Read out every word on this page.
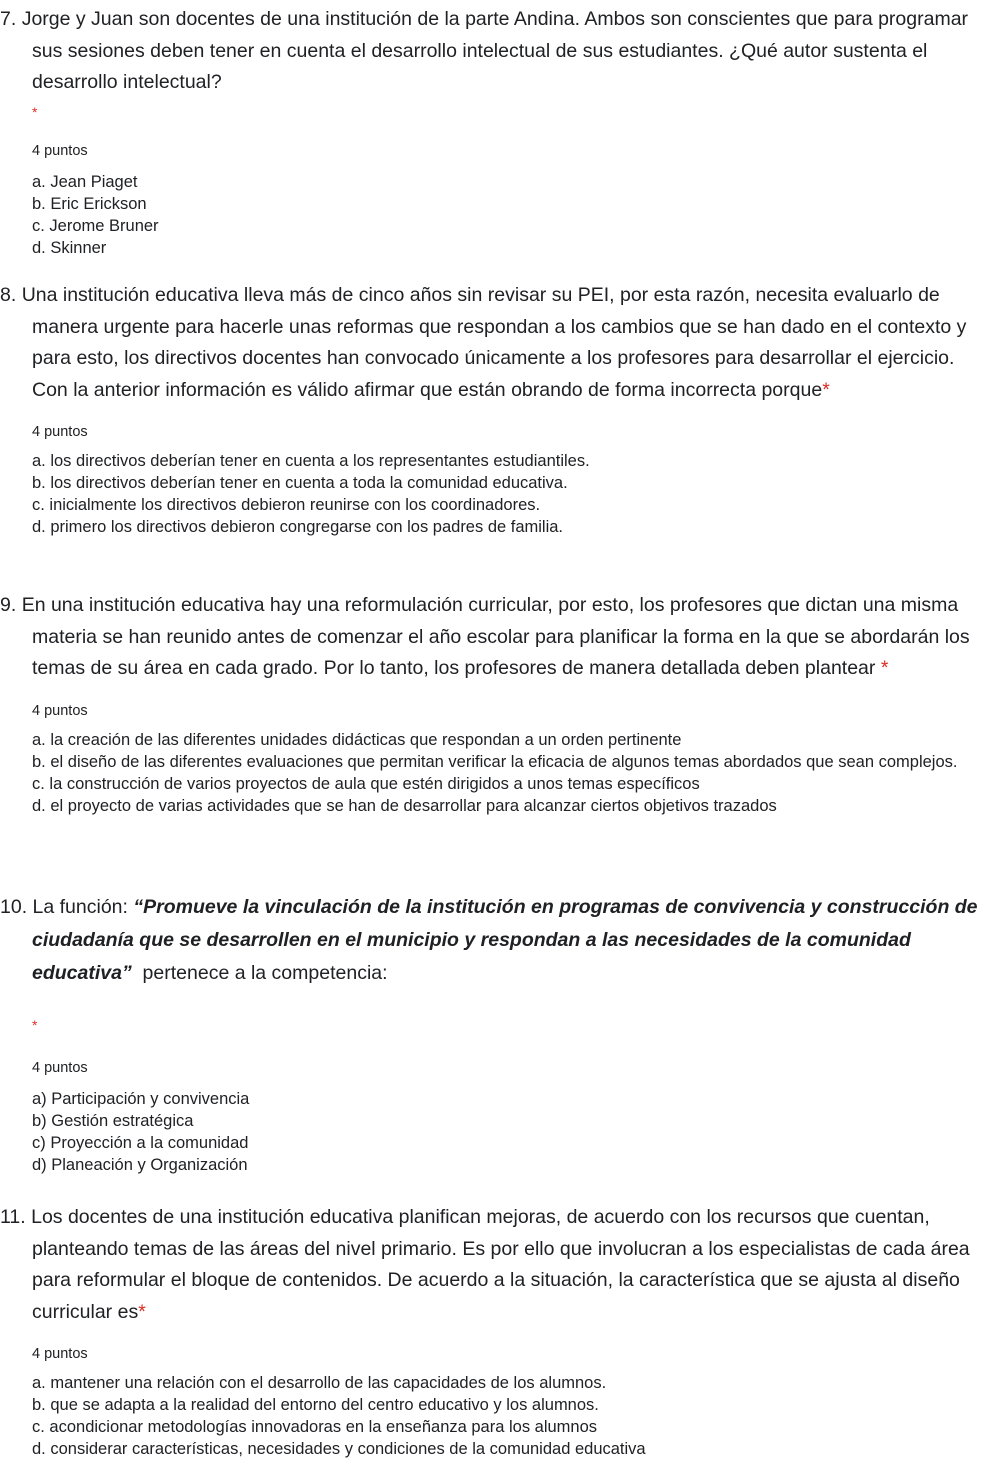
7. Jorge y Juan son docentes de una institución de la parte Andina. Ambos son conscientes que para programar sus sesiones deben tener en cuenta el desarrollo intelectual de sus estudiantes. ¿Qué autor sustenta el desarrollo intelectual?

*
4 puntos
a. Jean Piaget
b. Eric Erickson
c. Jerome Bruner
d. Skinner

8. Una institución educativa lleva más de cinco años sin revisar su PEI, por esta razón, necesita evaluarlo de manera urgente para hacerle unas reformas que respondan a los cambios que se han dado en el contexto y para esto, los directivos docentes han convocado únicamente a los profesores para desarrollar el ejercicio. Con la anterior información es válido afirmar que están obrando de forma incorrecta porque*

4 puntos
a. los directivos deberían tener en cuenta a los representantes estudiantiles.
b. los directivos deberían tener en cuenta a toda la comunidad educativa.
c. inicialmente los directivos debieron reunirse con los coordinadores.
d. primero los directivos debieron congregarse con los padres de familia.

9. En una institución educativa hay una reformulación curricular, por esto, los profesores que dictan una misma materia se han reunido antes de comenzar el año escolar para planificar la forma en la que se abordarán los temas de su área en cada grado. Por lo tanto, los profesores de manera detallada deben plantear *

4 puntos
a. la creación de las diferentes unidades didácticas que respondan a un orden pertinente
b. el diseño de las diferentes evaluaciones que permitan verificar la eficacia de algunos temas abordados que sean complejos.
c. la construcción de varios proyectos de aula que estén dirigidos a unos temas específicos
d. el proyecto de varias actividades que se han de desarrollar para alcanzar ciertos objetivos trazados

10. La función: “Promueve la vinculación de la institución en programas de convivencia y construcción de ciudadanía que se desarrollen en el municipio y respondan a las necesidades de la comunidad educativa”  pertenece a la competencia:

*
4 puntos
a) Participación y convivencia
b) Gestión estratégica
c) Proyección a la comunidad
d) Planeación y Organización

11. Los docentes de una institución educativa planifican mejoras, de acuerdo con los recursos que cuentan, planteando temas de las áreas del nivel primario. Es por ello que involucran a los especialistas de cada área para reformular el bloque de contenidos. De acuerdo a la situación, la característica que se ajusta al diseño curricular es*

4 puntos
a. mantener una relación con el desarrollo de las capacidades de los alumnos.
b. que se adapta a la realidad del entorno del centro educativo y los alumnos.
c. acondicionar metodologías innovadoras en la enseñanza para los alumnos
d. considerar características, necesidades y condiciones de la comunidad educativa
